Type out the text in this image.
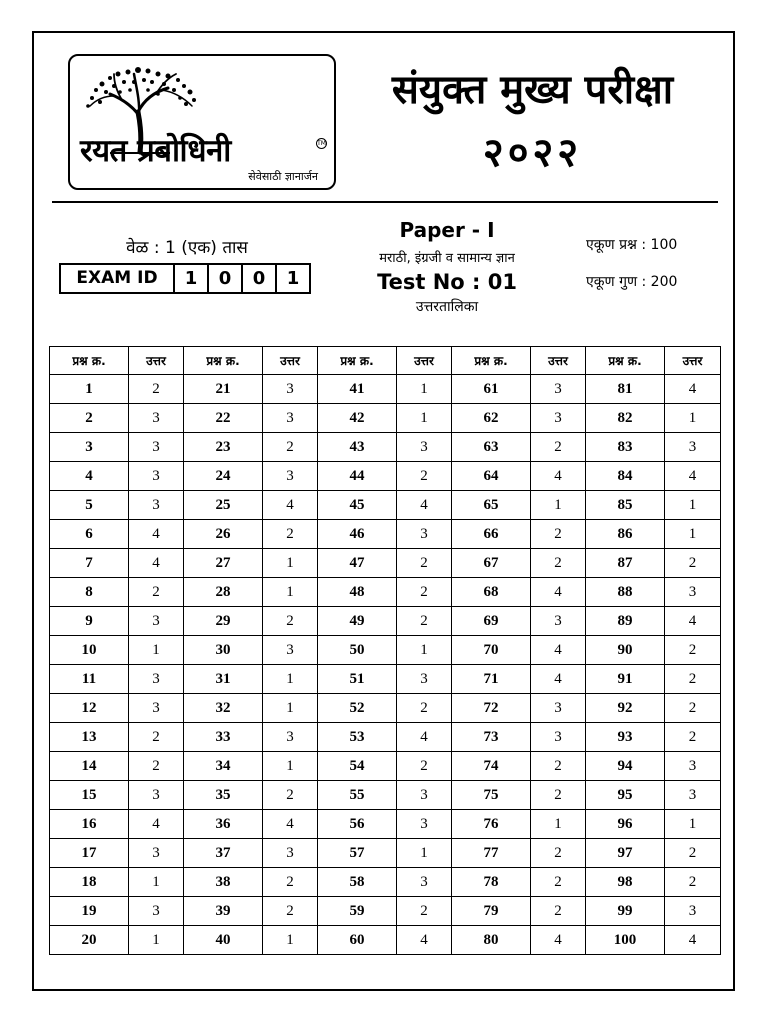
रयत प्रबोधिनी	TM
सेवेसाठी ज्ञानार्जन
संयुक्त मुख्य परीक्षा
२०२२
वेळ : 1 (एक) तास
EXAM ID	1	0	0	1
Paper - I
मराठी, इंग्रजी व सामान्य ज्ञान
Test No : 01
उत्तरतालिका
एकूण प्रश्न : 100
एकूण गुण : 200
प्रश्न क्र.	उत्तर	प्रश्न क्र.	उत्तर	प्रश्न क्र.	उत्तर	प्रश्न क्र.	उत्तर	प्रश्न क्र.	उत्तर
1	2	21	3	41	1	61	3	81	4
2	3	22	3	42	1	62	3	82	1
3	3	23	2	43	3	63	2	83	3
4	3	24	3	44	2	64	4	84	4
5	3	25	4	45	4	65	1	85	1
6	4	26	2	46	3	66	2	86	1
7	4	27	1	47	2	67	2	87	2
8	2	28	1	48	2	68	4	88	3
9	3	29	2	49	2	69	3	89	4
10	1	30	3	50	1	70	4	90	2
11	3	31	1	51	3	71	4	91	2
12	3	32	1	52	2	72	3	92	2
13	2	33	3	53	4	73	3	93	2
14	2	34	1	54	2	74	2	94	3
15	3	35	2	55	3	75	2	95	3
16	4	36	4	56	3	76	1	96	1
17	3	37	3	57	1	77	2	97	2
18	1	38	2	58	3	78	2	98	2
19	3	39	2	59	2	79	2	99	3
20	1	40	1	60	4	80	4	100	4
